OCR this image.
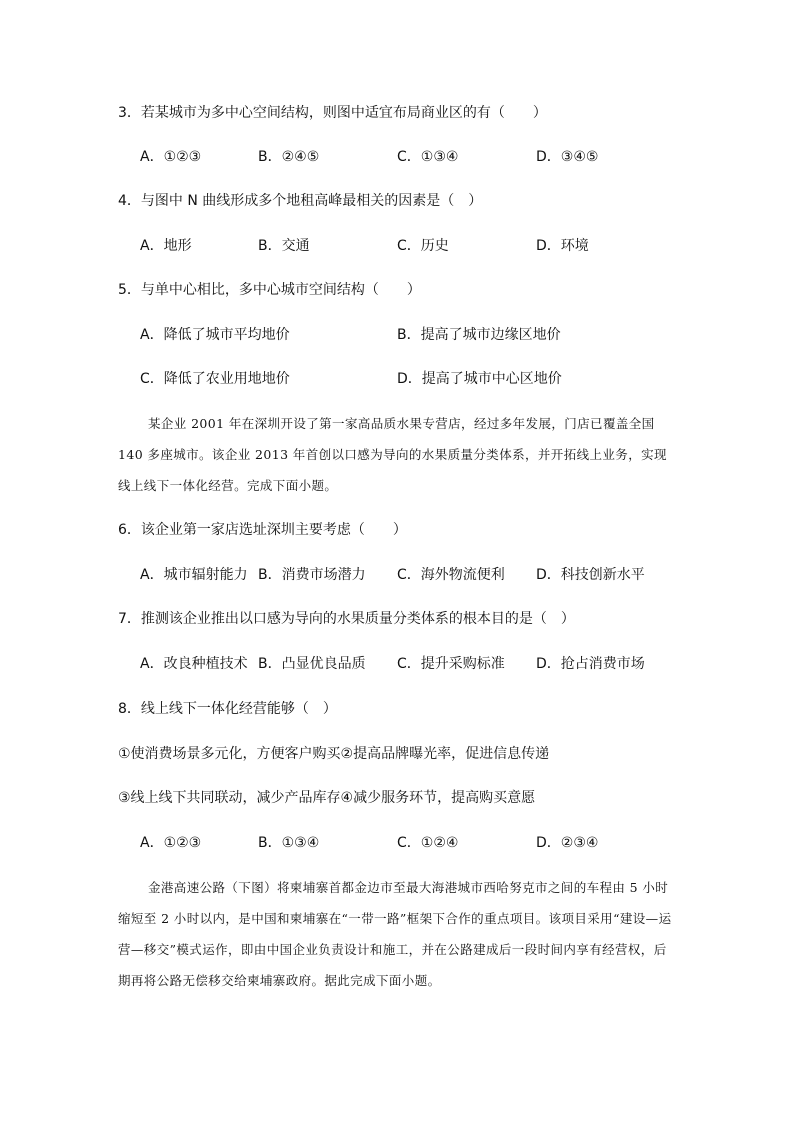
3．若某城市为多中心空间结构，则图中适宜布局商业区的有（　　）
A．①②③	B．②④⑤	C．①③④	D．③④⑤
4．与图中 N 曲线形成多个地租高峰最相关的因素是（　）
A．地形	B．交通	C．历史	D．环境
5．与单中心相比，多中心城市空间结构（　　）
A．降低了城市平均地价	B．提高了城市边缘区地价
C．降低了农业用地地价	D．提高了城市中心区地价

某企业 2001 年在深圳开设了第一家高品质水果专营店，经过多年发展，门店已覆盖全国 140 多座城市。该企业 2013 年首创以口感为导向的水果质量分类体系，并开拓线上业务，实现线上线下一体化经营。完成下面小题。

6．该企业第一家店选址深圳主要考虑（　　）
A．城市辐射能力 B．消费市场潜力 C．海外物流便利 D．科技创新水平
7．推测该企业推出以口感为导向的水果质量分类体系的根本目的是（　）
A．改良种植技术 B．凸显优良品质 C．提升采购标准 D．抢占消费市场
8．线上线下一体化经营能够（　）
①使消费场景多元化，方便客户购买②提高品牌曝光率，促进信息传递
③线上线下共同联动，减少产品库存④减少服务环节，提高购买意愿
A．①②③	B．①③④	C．①②④	D．②③④

金港高速公路（下图）将柬埔寨首都金边市至最大海港城市西哈努克市之间的车程由 5 小时缩短至 2 小时以内，是中国和柬埔寨在“一带一路”框架下合作的重点项目。该项目采用“建设—运营—移交”模式运作，即由中国企业负责设计和施工，并在公路建成后一段时间内享有经营权，后期再将公路无偿移交给柬埔寨政府。据此完成下面小题。
